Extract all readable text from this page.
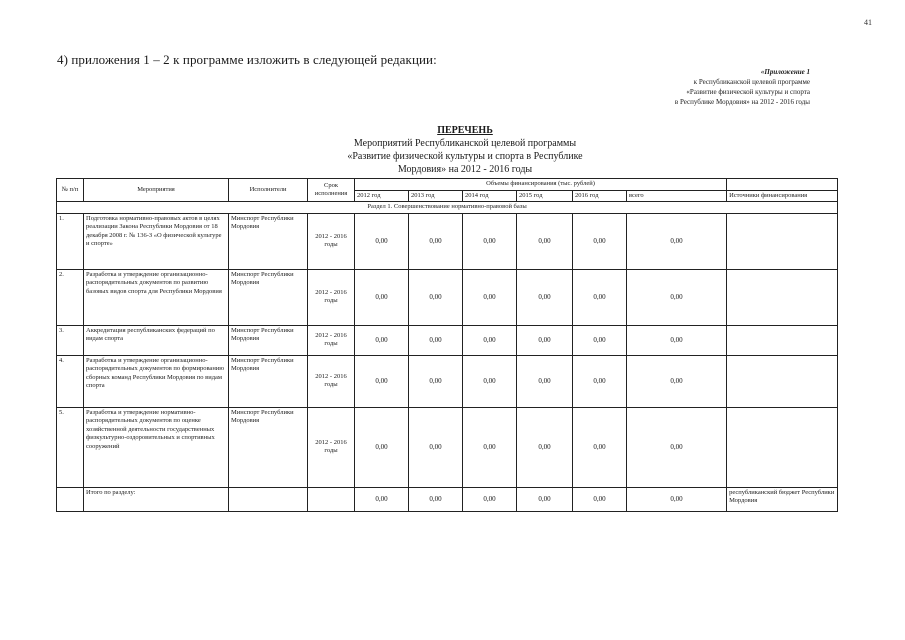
41
4) приложения 1 – 2 к программе изложить в следующей редакции:
«Приложение 1
к Республиканской целевой программе
«Развитие физической культуры и спорта
в Республике Мордовия» на 2012 - 2016 годы
ПЕРЕЧЕНЬ
Мероприятий Республиканской целевой программы
«Развитие физической культуры и спорта в Республике
Мордовия» на 2012 - 2016 годы
№ п/п	Мероприятия	Исполнители	Срок исполнения	Объемы финансирования (тыс. рублей)						
				2012 год	2013 год	2014 год	2015 год	2016 год	всего	Источники финансирования
Раздел 1. Совершенствование нормативно-правовой базы										
1.	Подготовка нормативно-правовых актов в целях реализации Закона Республики Мордовия от 18 декабря 2008 г. № 136-З «О физической культуре и спорте»	Минспорт Республики Мордовия	2012 - 2016 годы	0,00	0,00	0,00	0,00	0,00	0,00	
2.	Разработка и утверждение организационно-распорядительных документов по развитию базовых видов спорта для Республики Мордовия	Минспорт Республики Мордовия	2012 - 2016 годы	0,00	0,00	0,00	0,00	0,00	0,00	
3.	Аккредитация республиканских федераций по видам спорта	Минспорт Республики Мордовия	2012 - 2016 годы	0,00	0,00	0,00	0,00	0,00	0,00	
4.	Разработка и утверждение организационно-распорядительных документов по формированию сборных команд Республики Мордовия по видам спорта	Минспорт Республики Мордовия	2012 - 2016 годы	0,00	0,00	0,00	0,00	0,00	0,00	
5.	Разработка и утверждение нормативно-распорядительных документов по оценке хозяйственной деятельности государственных физкультурно-оздоровительных и спортивных сооружений	Минспорт Республики Мордовия	2012 - 2016 годы	0,00	0,00	0,00	0,00	0,00	0,00	
	Итого по разделу:			0,00	0,00	0,00	0,00	0,00	0,00	республиканский бюджет Республики Мордовия
